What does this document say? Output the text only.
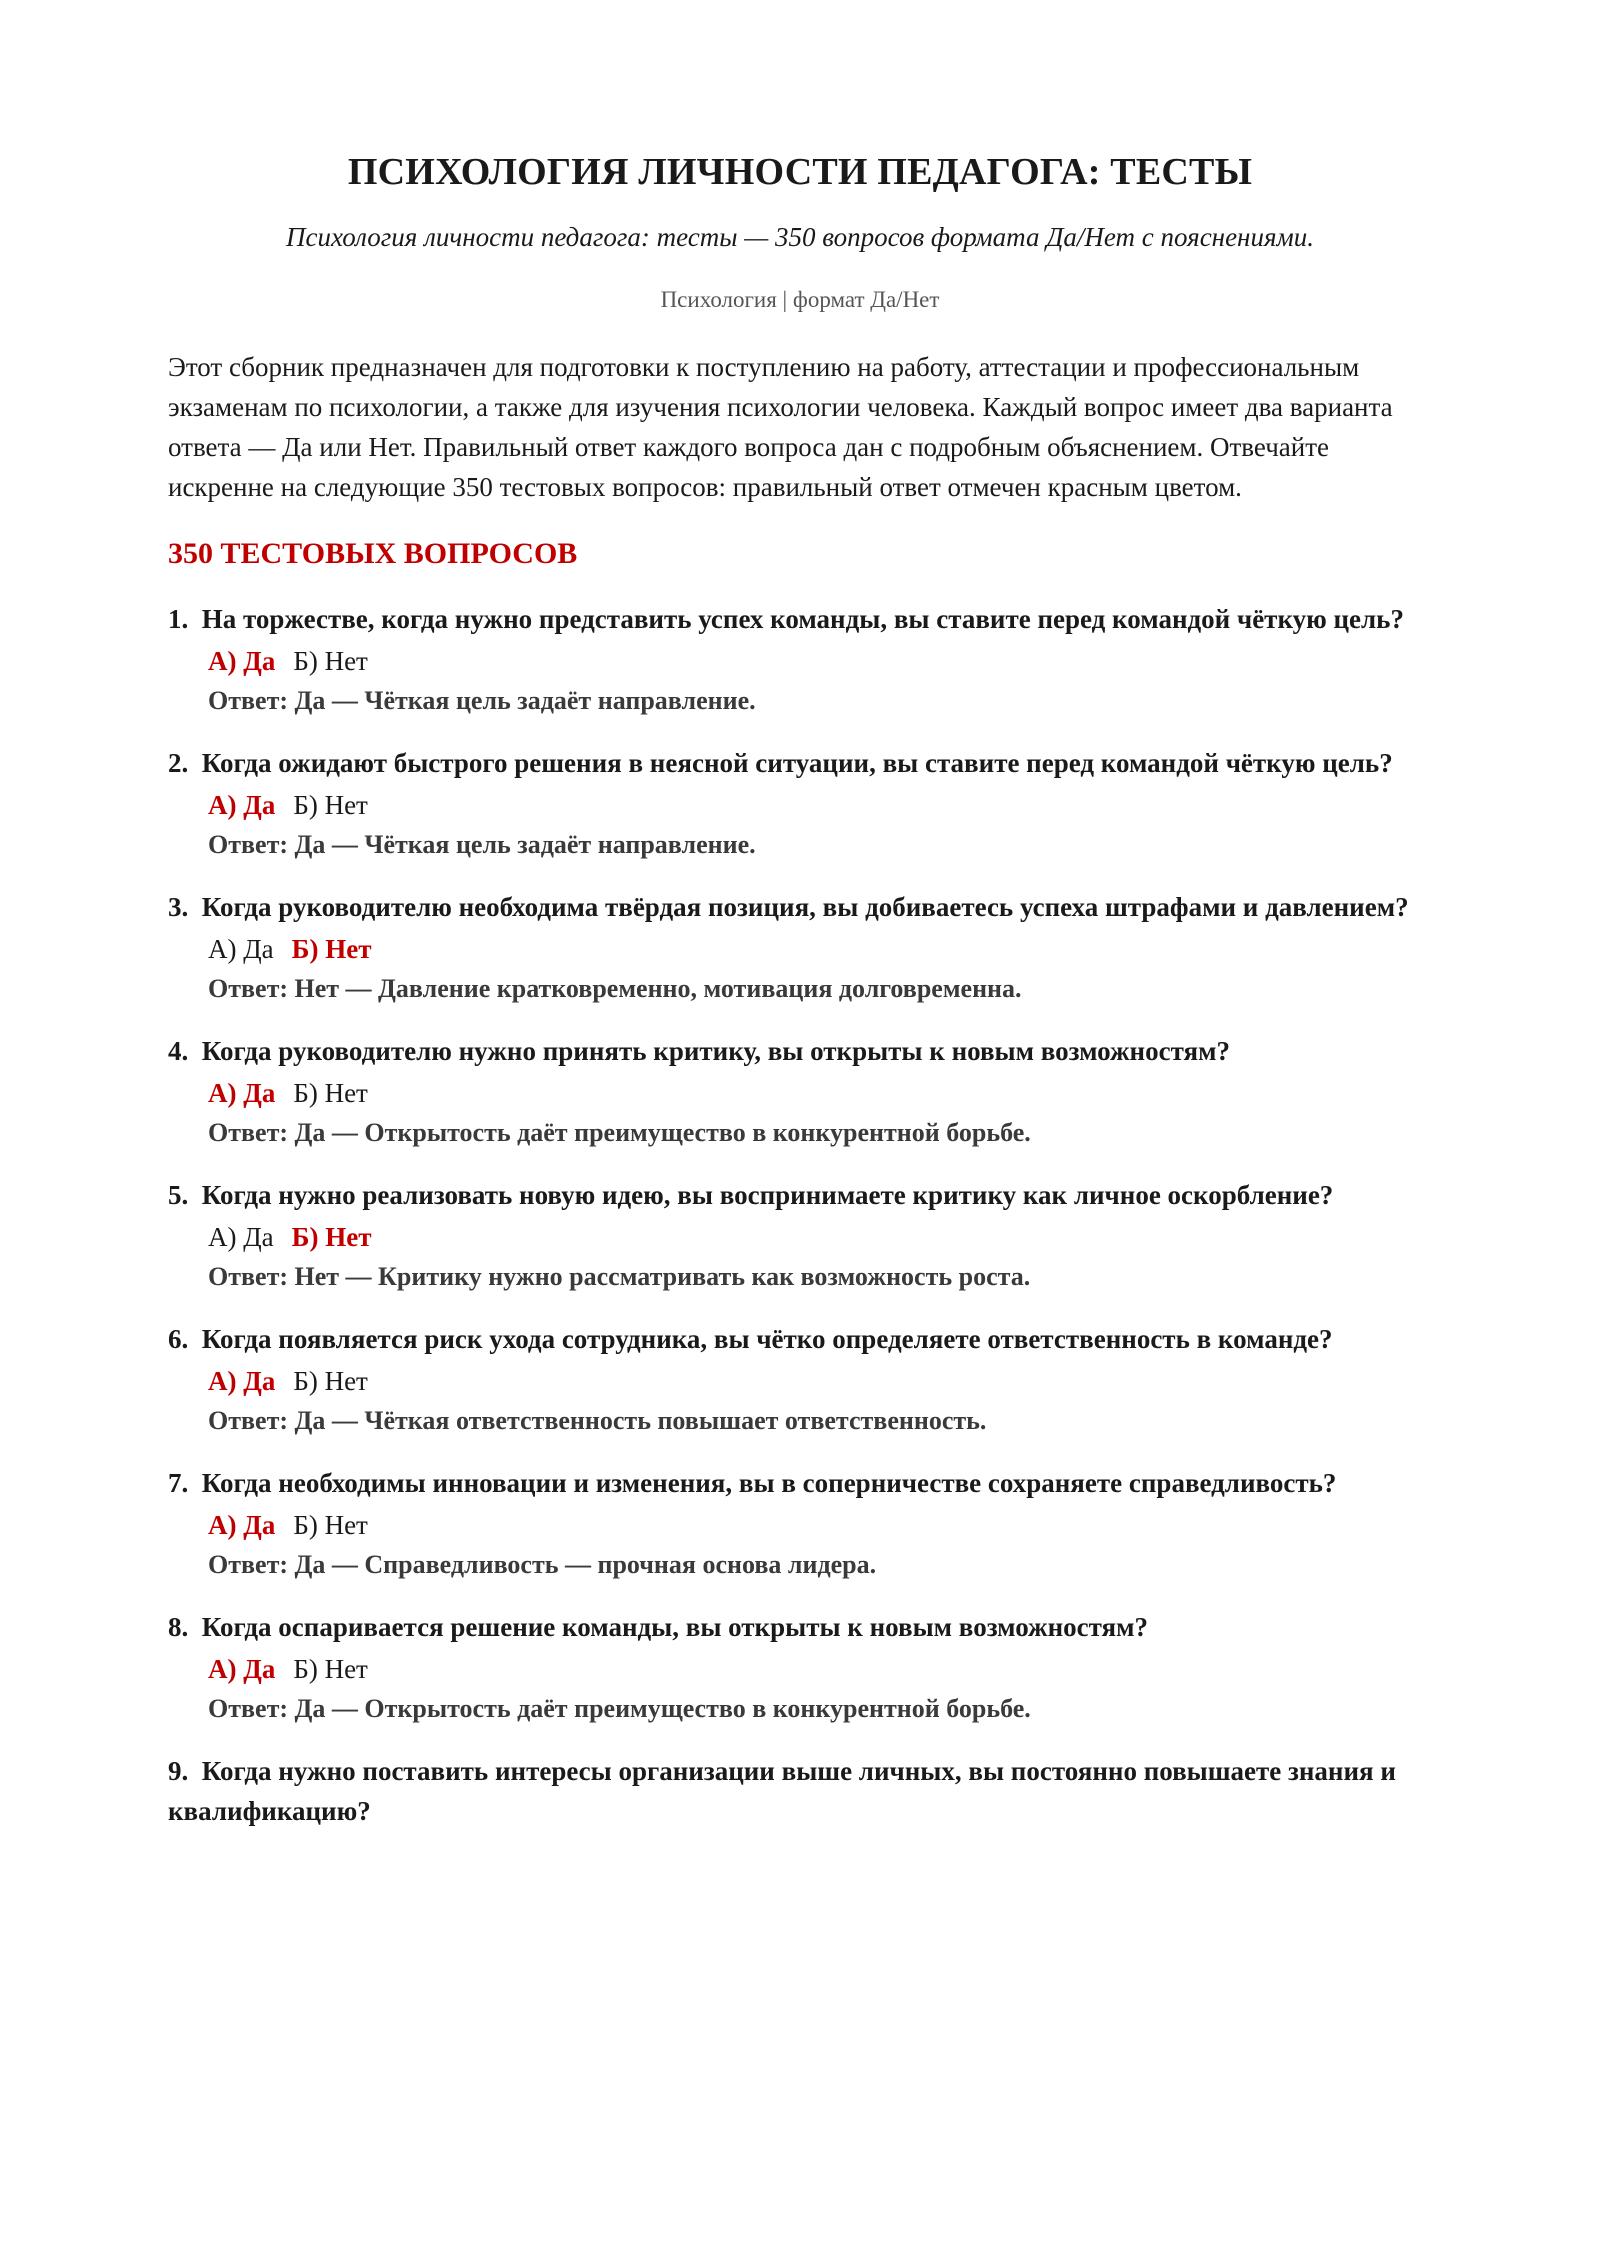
ПСИХОЛОГИЯ ЛИЧНОСТИ ПЕДАГОГА: ТЕСТЫ

Психология личности педагога: тесты — 350 вопросов формата Да/Нет с пояснениями.

Психология | формат Да/Нет

Этот сборник предназначен для подготовки к поступлению на работу, аттестации и профессиональным экзаменам по психологии, а также для изучения психологии человека. Каждый вопрос имеет два варианта ответа — Да или Нет. Правильный ответ каждого вопроса дан с подробным объяснением. Отвечайте искренне на следующие 350 тестовых вопросов: правильный ответ отмечен красным цветом.

350 ТЕСТОВЫХ ВОПРОСОВ

1. На торжестве, когда нужно представить успех команды, вы ставите перед командой чёткую цель?

А) Да Б) Нет
Ответ: Да — Чёткая цель задаёт направление.

2. Когда ожидают быстрого решения в неясной ситуации, вы ставите перед командой чёткую цель?

А) Да Б) Нет
Ответ: Да — Чёткая цель задаёт направление.

3. Когда руководителю необходима твёрдая позиция, вы добиваетесь успеха штрафами и давлением?

А) Да Б) Нет
Ответ: Нет — Давление кратковременно, мотивация долговременна.

4. Когда руководителю нужно принять критику, вы открыты к новым возможностям?

А) Да Б) Нет
Ответ: Да — Открытость даёт преимущество в конкурентной борьбе.

5. Когда нужно реализовать новую идею, вы воспринимаете критику как личное оскорбление?

А) Да Б) Нет
Ответ: Нет — Критику нужно рассматривать как возможность роста.

6. Когда появляется риск ухода сотрудника, вы чётко определяете ответственность в команде?

А) Да Б) Нет
Ответ: Да — Чёткая ответственность повышает ответственность.

7. Когда необходимы инновации и изменения, вы в соперничестве сохраняете справедливость?

А) Да Б) Нет
Ответ: Да — Справедливость — прочная основа лидера.

8. Когда оспаривается решение команды, вы открыты к новым возможностям?

А) Да Б) Нет
Ответ: Да — Открытость даёт преимущество в конкурентной борьбе.

9. Когда нужно поставить интересы организации выше личных, вы постоянно повышаете знания и квалификацию?
